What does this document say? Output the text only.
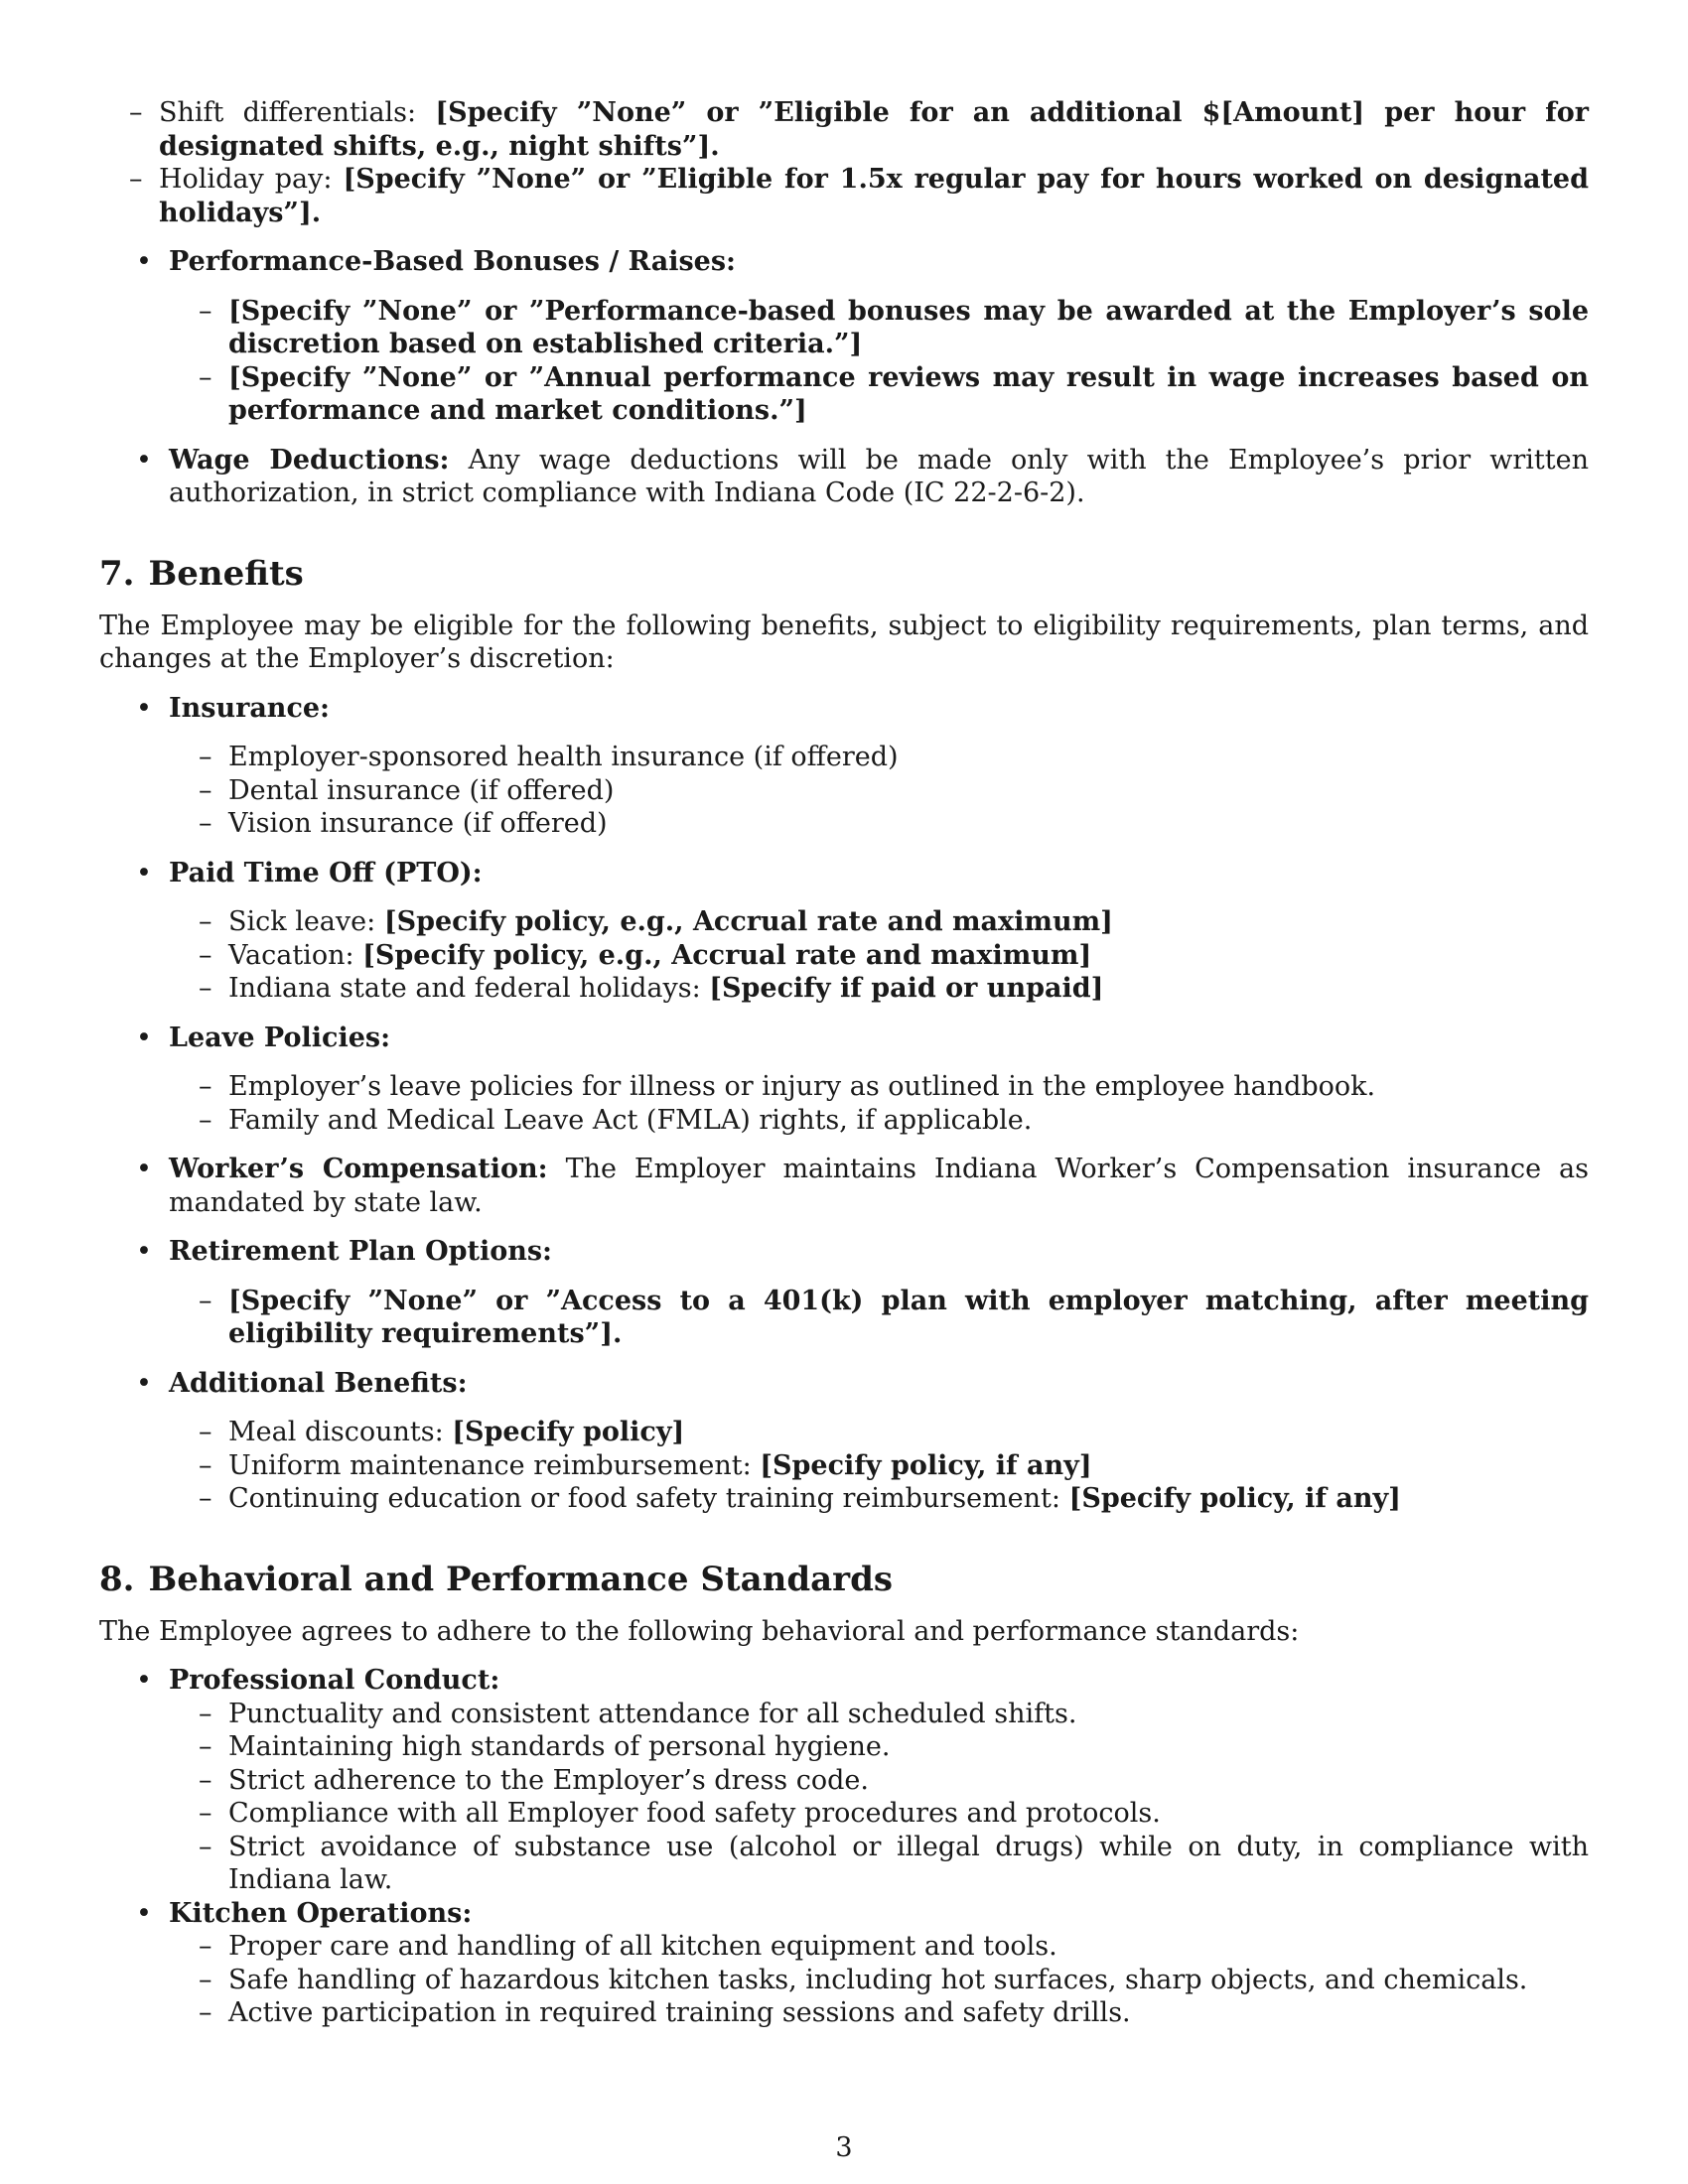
– Shift differentials: [Specify ”None” or ”Eligible for an additional $[Amount] per hour for designated shifts, e.g., night shifts”].
– Holiday pay: [Specify ”None” or ”Eligible for 1.5x regular pay for hours worked on designated holidays”].
• Performance-Based Bonuses / Raises:
– [Specify ”None” or ”Performance-based bonuses may be awarded at the Employer’s sole discretion based on established criteria.”]
– [Specify ”None” or ”Annual performance reviews may result in wage increases based on performance and market conditions.”]
• Wage Deductions: Any wage deductions will be made only with the Employee’s prior written authorization, in strict compliance with Indiana Code (IC 22-2-6-2).
7. Benefits

The Employee may be eligible for the following benefits, subject to eligibility requirements, plan terms, and changes at the Employer’s discretion:

• Insurance:
– Employer-sponsored health insurance (if offered)
– Dental insurance (if offered)
– Vision insurance (if offered)
• Paid Time Off (PTO):
– Sick leave: [Specify policy, e.g., Accrual rate and maximum]
– Vacation: [Specify policy, e.g., Accrual rate and maximum]
– Indiana state and federal holidays: [Specify if paid or unpaid]
• Leave Policies:
– Employer’s leave policies for illness or injury as outlined in the employee handbook.
– Family and Medical Leave Act (FMLA) rights, if applicable.
• Worker’s Compensation: The Employer maintains Indiana Worker’s Compensation insurance as mandated by state law.
• Retirement Plan Options:
– [Specify ”None” or ”Access to a 401(k) plan with employer matching, after meeting eligibility requirements”].
• Additional Benefits:
– Meal discounts: [Specify policy]
– Uniform maintenance reimbursement: [Specify policy, if any]
– Continuing education or food safety training reimbursement: [Specify policy, if any]
8. Behavioral and Performance Standards

The Employee agrees to adhere to the following behavioral and performance standards:

• Professional Conduct:
– Punctuality and consistent attendance for all scheduled shifts.
– Maintaining high standards of personal hygiene.
– Strict adherence to the Employer’s dress code.
– Compliance with all Employer food safety procedures and protocols.
– Strict avoidance of substance use (alcohol or illegal drugs) while on duty, in compliance with Indiana law.
• Kitchen Operations:
– Proper care and handling of all kitchen equipment and tools.
– Safe handling of hazardous kitchen tasks, including hot surfaces, sharp objects, and chemicals.
– Active participation in required training sessions and safety drills.
3
